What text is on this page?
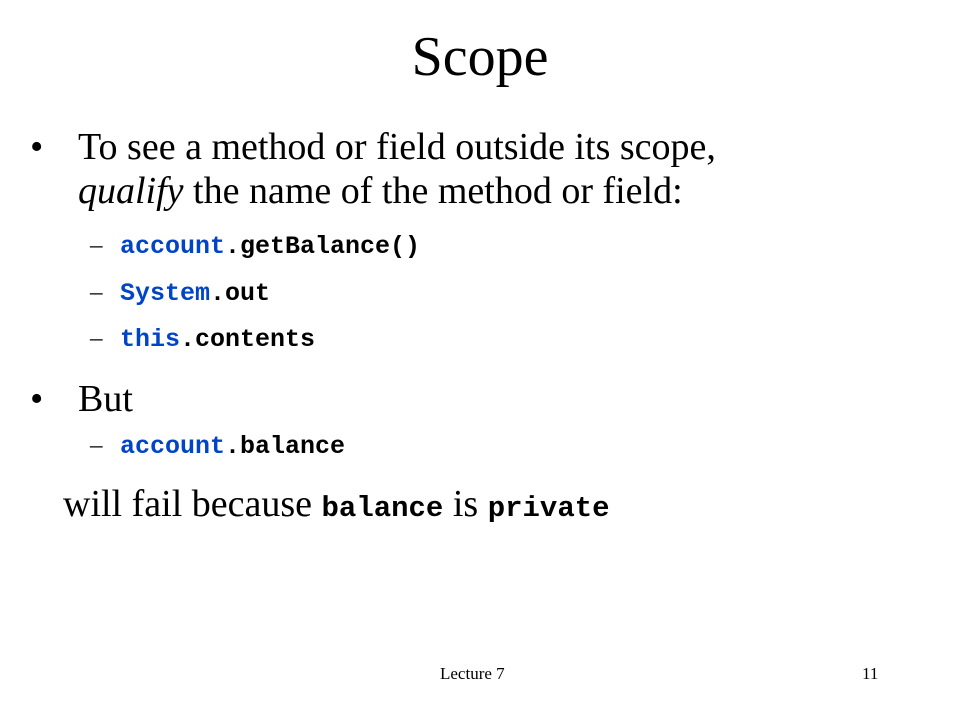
Scope
• To see a method or field outside its scope,
qualify the name of the method or field:
– account.getBalance()
– System.out
– this.contents
• But
– account.balance
will fail because balance is private
Lecture 7	11
